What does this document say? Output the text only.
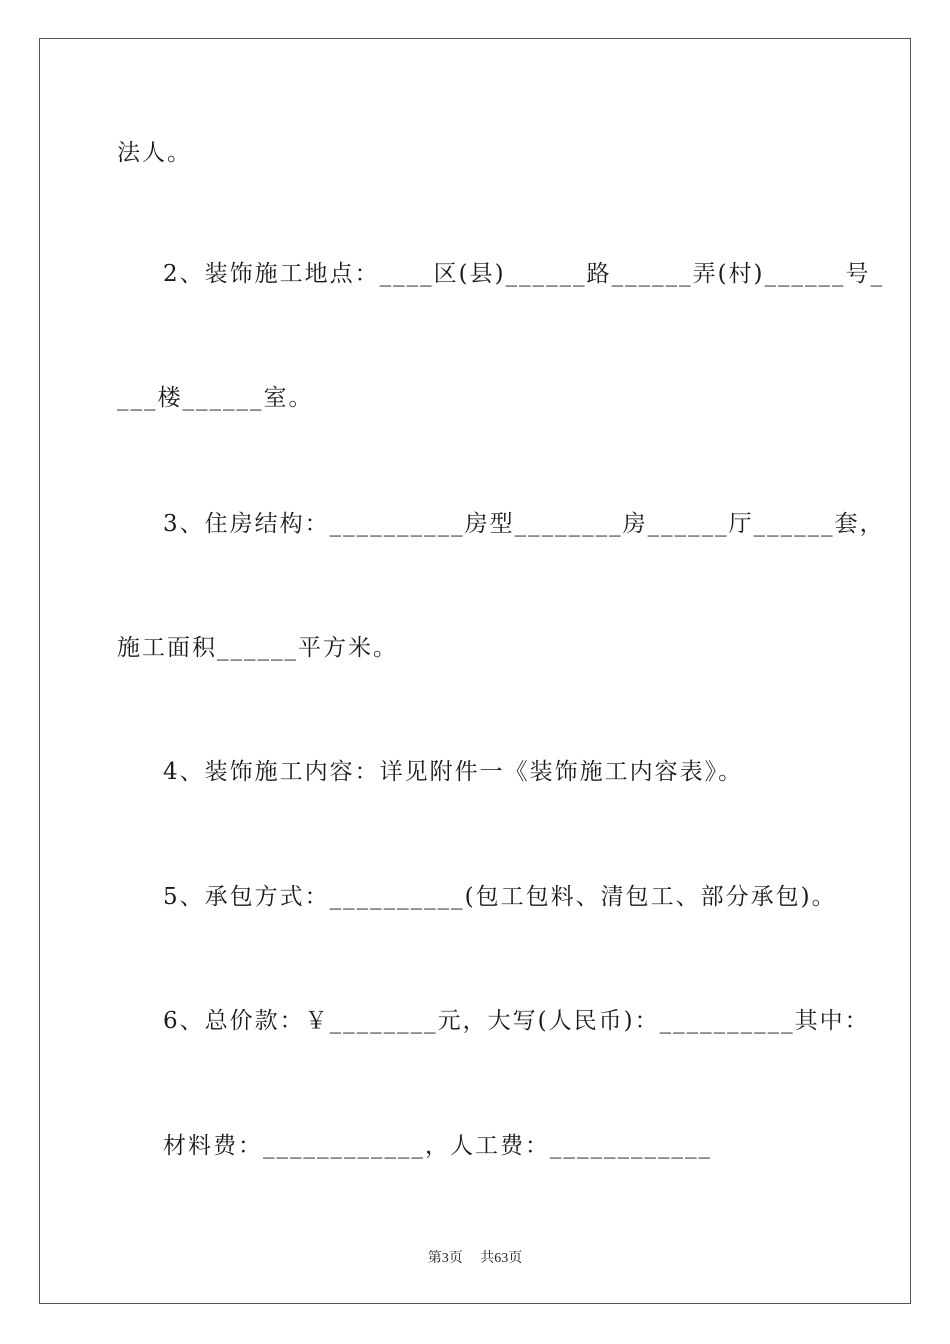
法人。
2、装饰施工地点：____区(县)______路______弄(村)______号_
___楼______室。
3、住房结构：__________房型________房______厅______套，
施工面积______平方米。
4、装饰施工内容：详见附件一《装饰施工内容表》。
5、承包方式：__________(包工包料、清包工、部分承包)。
6、总价款：￥________元，大写(人民币)：__________其中：
材料费：____________，人工费：____________
第3页 共63页
